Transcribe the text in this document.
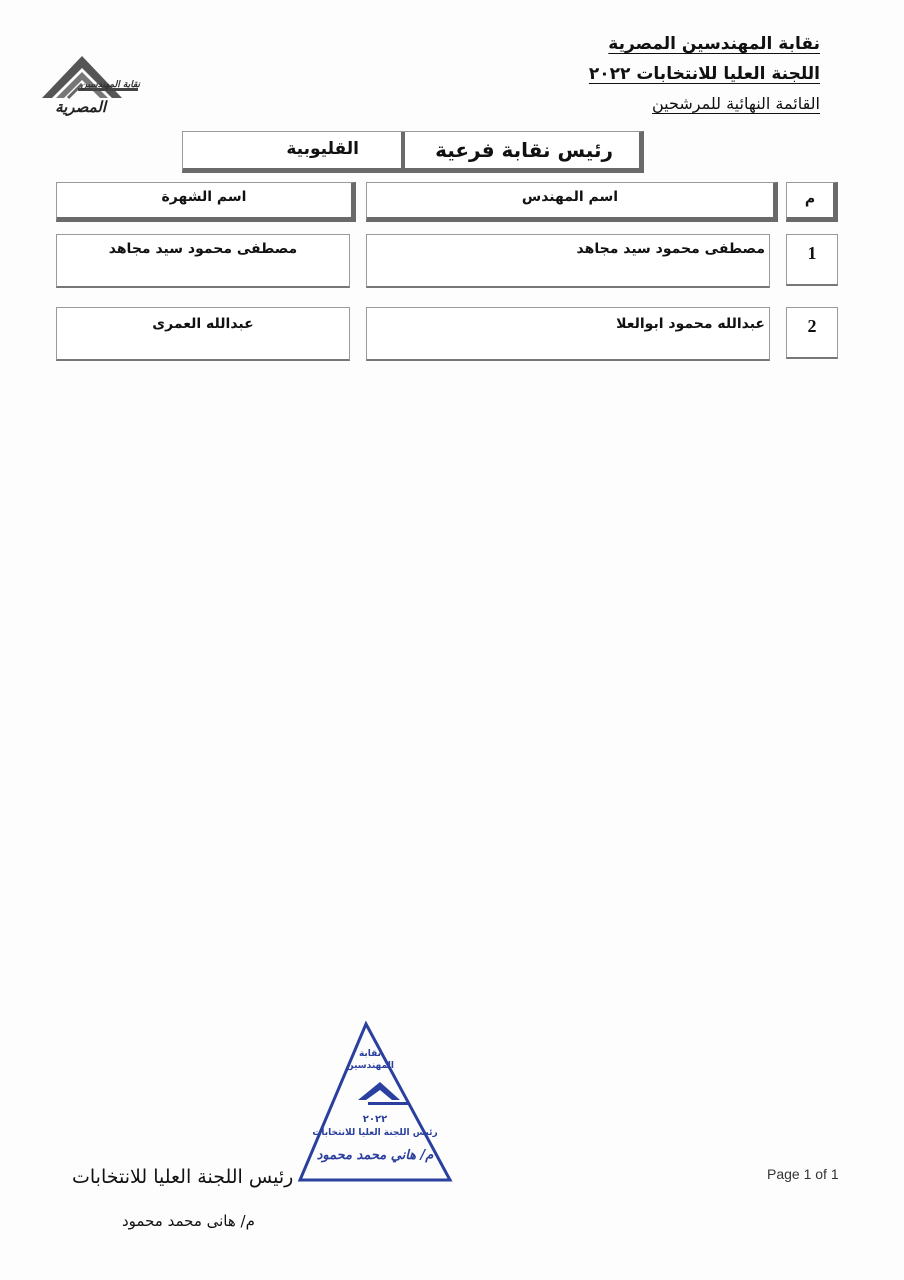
نقابة المهندسين
المصرية
نقابة المهندسين المصرية
اللجنة العليا للانتخابات ٢٠٢٢
القائمة النهائية للمرشحين
رئيس نقابة فرعية
القليوبية
م
اسم المهندس
اسم الشهرة
1
مصطفى محمود سيد مجاهد
مصطفى محمود سيد مجاهد
2
عبدالله محمود ابوالعلا
عبدالله العمرى
نقابة المهندسين
٢٠٢٢
رئيس اللجنة العليا للانتخابات
م/ هاني محمد محمود
رئيس اللجنة العليا للانتخابات
م/ هانى محمد محمود
Page 1 of 1
